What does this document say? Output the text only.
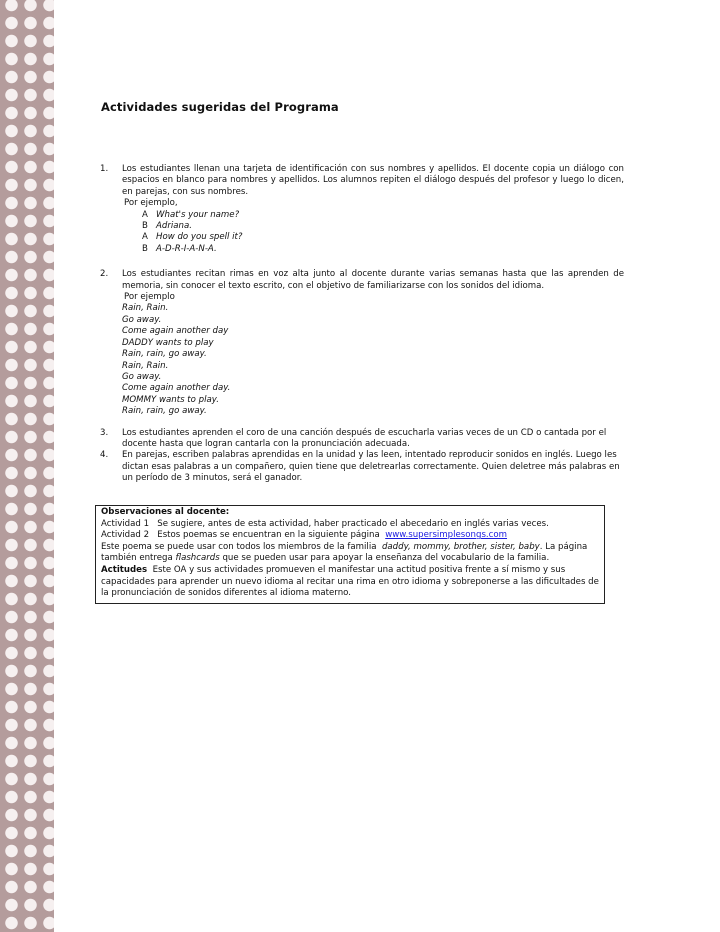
Actividades sugeridas del Programa
1. Los estudiantes llenan una tarjeta de identificación con sus nombres y apellidos. El docente copia un diálogo con espacios en blanco para nombres y apellidos. Los alumnos repiten el diálogo después del profesor y luego lo dicen, en parejas, con sus nombres.
Por ejemplo,
A What's your name?
B Adriana.
A How do you spell it?
B A-D-R-I-A-N-A.
2. Los estudiantes recitan rimas en voz alta junto al docente durante varias semanas hasta que las aprenden de memoria, sin conocer el texto escrito, con el objetivo de familiarizarse con los sonidos del idioma.
Por ejemplo
Rain, Rain.
Go away.
Come again another day
DADDY wants to play
Rain, rain, go away.
Rain, Rain.
Go away.
Come again another day.
MOMMY wants to play.
Rain, rain, go away.
3. Los estudiantes aprenden el coro de una canción después de escucharla varias veces de un CD o cantada por el docente hasta que logran cantarla con la pronunciación adecuada.
4. En parejas, escriben palabras aprendidas en la unidad y las leen, intentado reproducir sonidos en inglés. Luego les dictan esas palabras a un compañero, quien tiene que deletrearlas correctamente. Quien deletree más palabras en un período de 3 minutos, será el ganador.
Observaciones al docente:
Actividad 1 Se sugiere, antes de esta actividad, haber practicado el abecedario en inglés varias veces.
Actividad 2 Estos poemas se encuentran en la siguiente página www.supersimplesongs.com
Este poema se puede usar con todos los miembros de la familia daddy, mommy, brother, sister, baby. La página también entrega flashcards que se pueden usar para apoyar la enseñanza del vocabulario de la familia.
Actitudes Este OA y sus actividades promueven el manifestar una actitud positiva frente a sí mismo y sus capacidades para aprender un nuevo idioma al recitar una rima en otro idioma y sobreponerse a las dificultades de la pronunciación de sonidos diferentes al idioma materno.
